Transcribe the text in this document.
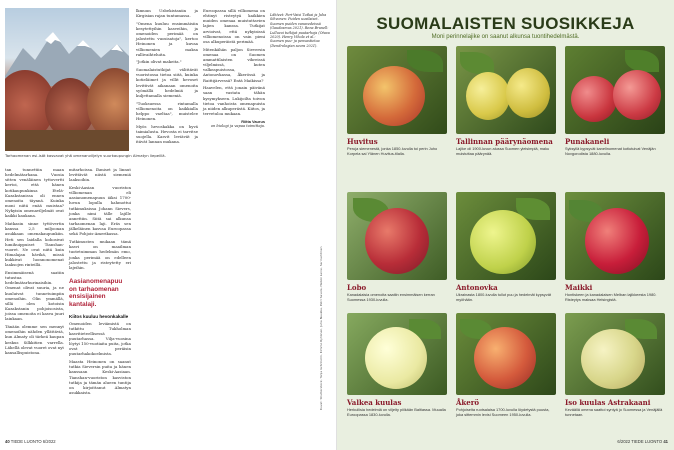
Tarhaomenan esi-isät kasvavat yhä omenanviljelyn suurkaupungin Almatyn liepeillä.

tan tunnettiin maan hedelmätarhana. Vuosia sitten venäläinen tyttovertti kertoi, että hänen kotikaupunkinsa Etelä-Kazakstanissa oli ennen omenoita täynnä. Kuinka moni niitä enää muistaa? Nykyisin omenaviljelmät ovat kaikki kaukana.

Matkasin sinne tyttövertin kanssa 2,5 miljoonan asukkaan omenakaupunkiin. Heti sen laidalla kohosivat lumihuippuiset Tianshan-vuoret. Ne ovat niitä kuin Himalajan hävikä, missä kukkivat luonnonomenat laaksojen rinteillä.

Ensimmäisenä saatiin tutustua hedelmätarhurinaisihin. Omenat olivat suuria, ja ne kuuluivat tunnetuimpiin omenoihin. Olin ymmällä, sillä olen kotoisin Kazakstanin pohjoisosista, joissa omenoita ei kasva juuri lainkaan.

Tänään olemme sen mennyt omenoihin nähden yllättäviä, kun Almaty oli tärkeä kaupan keskus Silkkitien varrella. Lähellä olevat vuoret ovat nyt kansallispuistona.

mitarhoissa. Ihmiset ja linnut levittävät niistä siemeniä laaksoihin.

Keski-Aasian vuoriston villiomenan eli aasianomenapuun iäksi 1700-luvun lopulla hahmottui tutkimuksissa Johann Sievers, jonka nimi tälle lajille annettiin. Siitä sai alkunsa tarhaomenan laji. Eräs sen jälkeläinen kasvaa Euroopassa sekä Pohjois-Amerikassa.

Tutkimusten mukaan tämä kasvi on maailman tuotetuimman hedelmän emo, jonka perimää on edelleen jalostettu ja risteytetty eri lajeihin.

Aasianomenapuu on tarhaomenan ensisijainen kantalaji.
Kiitos kuuluu hevonkakalle

Omenoiden leviämistä on tutkittu Tukholman kasvitieteellisessä puutarhassa. Vilja-vuosina löytyi 150-vuotiaita puita, jotka ovat peräisin puutarhakokoelmista.

Maasta Heinonen on saanut tutkia Sieversin puita ja hänen kanssaan Keski-Aasiaan. Tianshan-vuoriston kasviston tutkija ja tämän alueen tuntija on kirjoittanut Almatyn asukkaista.

lkmuun Uzbekistaniin ja Kirgisian rajan tuntumassa.

"Omena kuuluu ensimmäisiin kesytettyihin kasveihin, ja omenoiden perimää on jalostettu vuosisatoja", kertoo Heinonen ja kuvaa villiomenien maksa rallivaihteluita.

"Jotkin olivat makeita."

Suomalaistutkijat välittävät vuoristossa tietoa siitä, kuinka kotieläimet ja villit hevoset levittivät aikanaan omenoita syömällä hedelmiä ja kuljettamalla siemeniä.

"Tuoksuessa rintamalla villiomenoita on kaikkialla helppo vaeltaa", muistelee Heinonen.

Myös hevoskakka on hyvä taimialusta. Hevosta ei tarvitse suojella. Kasvit leviävät ja itävät lannan mukana.

Euroopassa sillä villiomena on ehtinyt risteytyä kaikkien muiden omenaa muistuttavien lajien kanssa. Tutkijat arvioivat, että nykyisissä villiomenoissa on vain pieni osa alkuperäistä perimää.

Mitenkähän paljon Sieversin omenaa on Suomen ammattilaisten vihreissä viljelmissä, kuten valkeapuistossa, Antonovkassa, Åkerössä ja Raittijärvessä? Entä Maikissa?

Haavelen, että jonain päivänä saan vastata tähän kysymykseen. Lukijoilta toivon tietoa vanhoista omenapuista ja niiden alkuperästä. Kiitos, ja tervetuloa mukaan.

Riitta Vaurus
on biologi ja vapaa toimittaja.
Lähteet: Peri-Vaisi Tutkai ja Juha Sihvonen: Puiden uusilaiset. Suomen puiden vanavedeissä (Gaudeamus 2021). Rena Brunell: Lulluvoi tutkijat puutarhoja (Otava 2020). Henry Vihola et al.: Suomen puu- ja pensastietoa (Dendrologian seura 2021).
Kuvat: Shutterstock, Tanja Grönholm, Kimmo Ryhänen, Juha Naukka, Petri Savola, Heikki Laine, Sari Lehtinen
40 TIEDE LUONTO 6/2022
SUOMALAISTEN SUOSIKKEJA
Moni perinnelajike on saanut alkunsa tuontihedelmästä.
Huvitus
Peruja siemenestä, jonka 1850-luvulla toi perin Juho Korpela sai Ylänen Huvitus-tilalla.
Tallinnan päärynäomena
Lajike oli 1900-luvun alussa Suomen yleisimpiä, maku muistuttaa päärynää.
Punakaneli
Syksyllä kypsyvät kanelinomenat kotiutuivat Venäjän Novgorodista 1880-luvulla.
Lobo
Kanadalaisia omenoita saatiin ensimmäisen kerran Suomessa 1930-luvulla.
Antonovka
Ukrainasta 1800-luvulla tullut puu ja hedelmät kypsyvät myöhään.
Maikki
Hontiskeen ja kanadalaisen Melban lajikkeesta 1980. Risteytys maksaa Helsingistä.
Valkea kuulas
Herkullisia hedelmiä on viljelty piilkään Baltiassa. Muualla Euroopassa 1830-luvulla.
Åkerö
Pohjoiselta ruotsalaisa 1700-luvulla löydetystä puusta, joka sittemmin levisi Suomeen 1950-luvulla.
Iso kuulas Astrakaani
Keväällä omena saattoi syntyä jo Suomessa ja Venäjällä tunnetaan.
6/2022 TIEDE LUONTO 41
